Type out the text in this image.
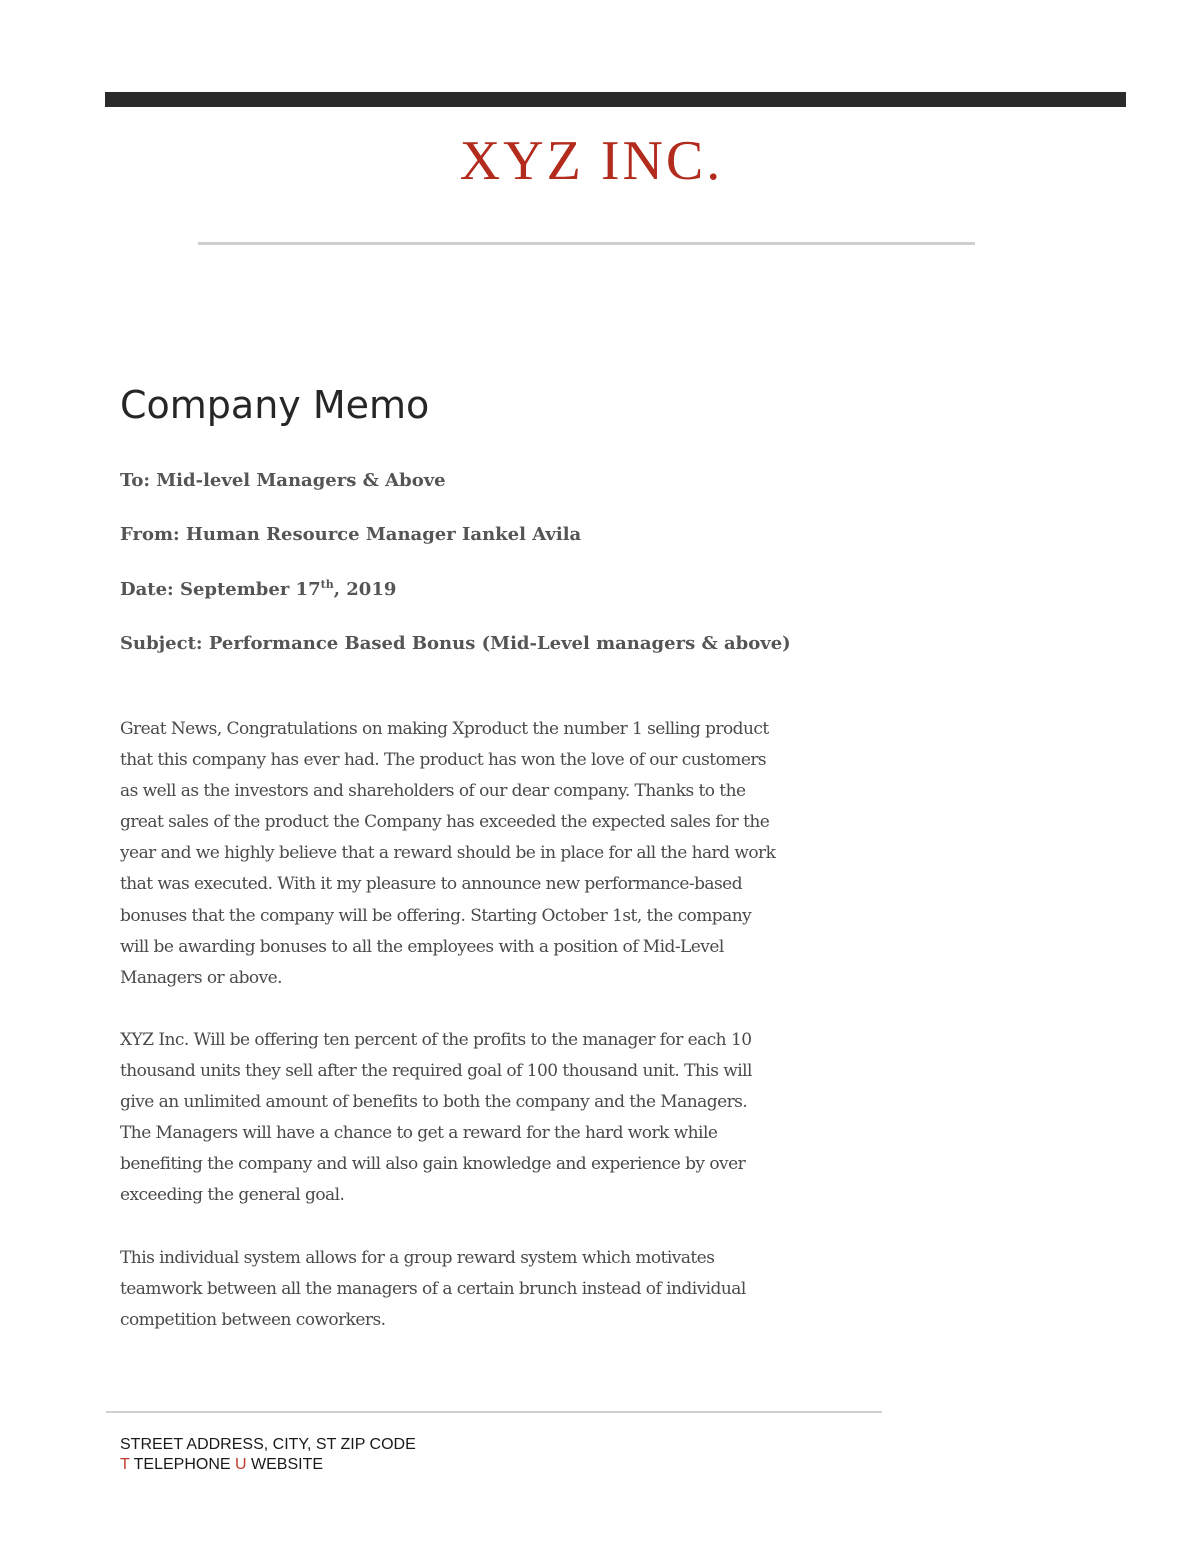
XYZ INC.
Company Memo

To: Mid-level Managers & Above

From: Human Resource Manager Iankel Avila

Date: September 17th, 2019

Subject: Performance Based Bonus (Mid-Level managers & above)

Great News, Congratulations on making Xproduct the number 1 selling product
that this company has ever had. The product has won the love of our customers
as well as the investors and shareholders of our dear company. Thanks to the
great sales of the product the Company has exceeded the expected sales for the
year and we highly believe that a reward should be in place for all the hard work
that was executed. With it my pleasure to announce new performance-based
bonuses that the company will be offering. Starting October 1st, the company
will be awarding bonuses to all the employees with a position of Mid-Level
Managers or above.

XYZ Inc. Will be offering ten percent of the profits to the manager for each 10
thousand units they sell after the required goal of 100 thousand unit. This will
give an unlimited amount of benefits to both the company and the Managers.
The Managers will have a chance to get a reward for the hard work while
benefiting the company and will also gain knowledge and experience by over
exceeding the general goal.

This individual system allows for a group reward system which motivates
teamwork between all the managers of a certain brunch instead of individual
competition between coworkers.

STREET ADDRESS, CITY, ST ZIP CODE

T TELEPHONE U WEBSITE
